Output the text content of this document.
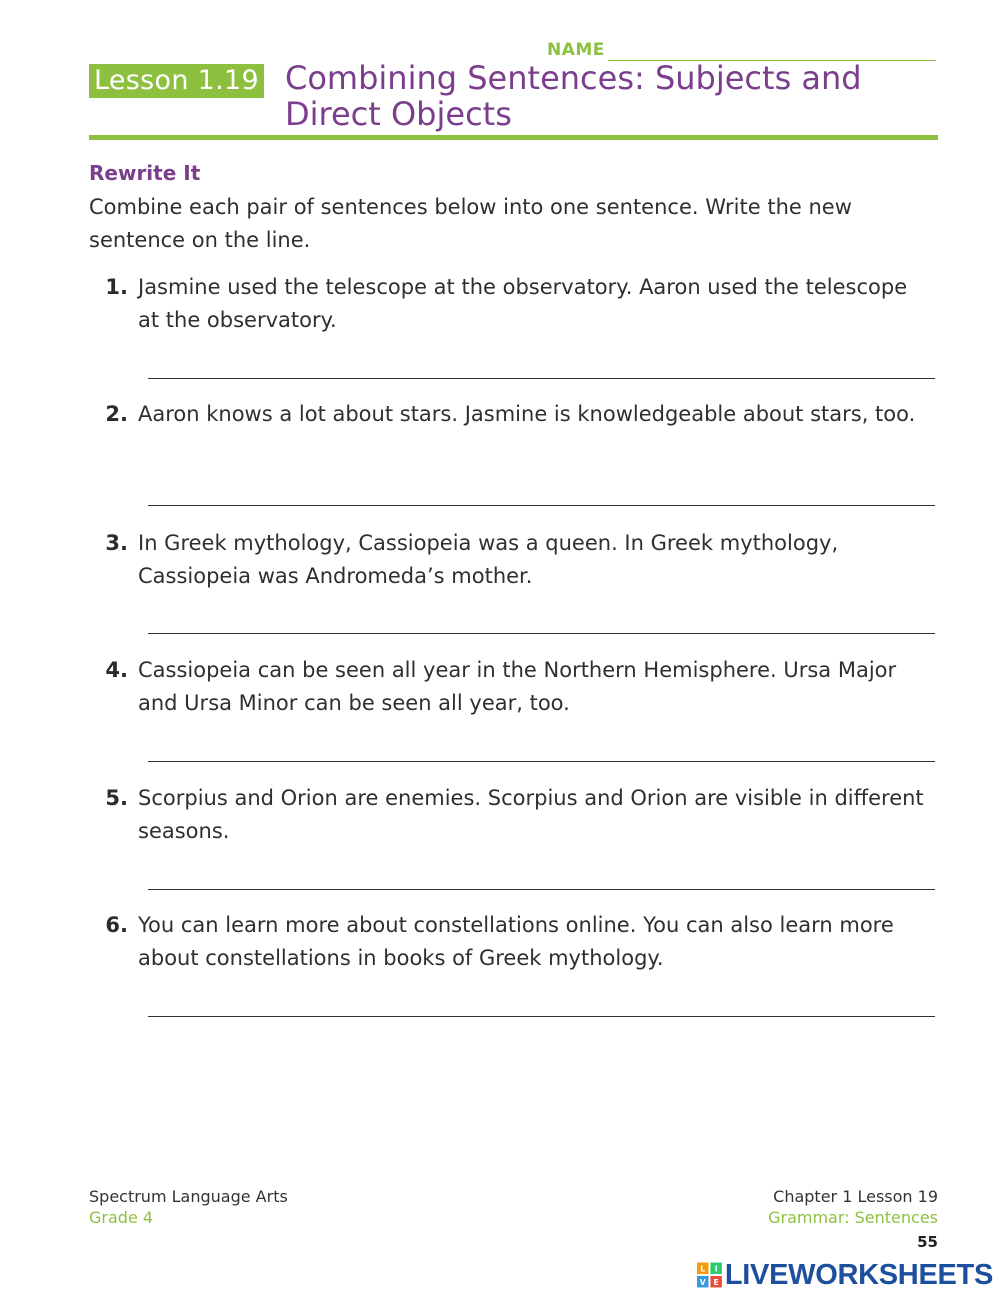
NAME
Lesson 1.19 Combining Sentences: Subjects and Direct Objects
Rewrite It
Combine each pair of sentences below into one sentence. Write the new sentence on the line.
1. Jasmine used the telescope at the observatory. Aaron used the telescope at the observatory.
2. Aaron knows a lot about stars. Jasmine is knowledgeable about stars, too.
3. In Greek mythology, Cassiopeia was a queen. In Greek mythology, Cassiopeia was Andromeda’s mother.
4. Cassiopeia can be seen all year in the Northern Hemisphere. Ursa Major and Ursa Minor can be seen all year, too.
5. Scorpius and Orion are enemies. Scorpius and Orion are visible in different seasons.
6. You can learn more about constellations online. You can also learn more about constellations in books of Greek mythology.
Spectrum Language Arts
Grade 4
Chapter 1 Lesson 19
Grammar: Sentences
55
L I
V E LIVEWORKSHEETS
